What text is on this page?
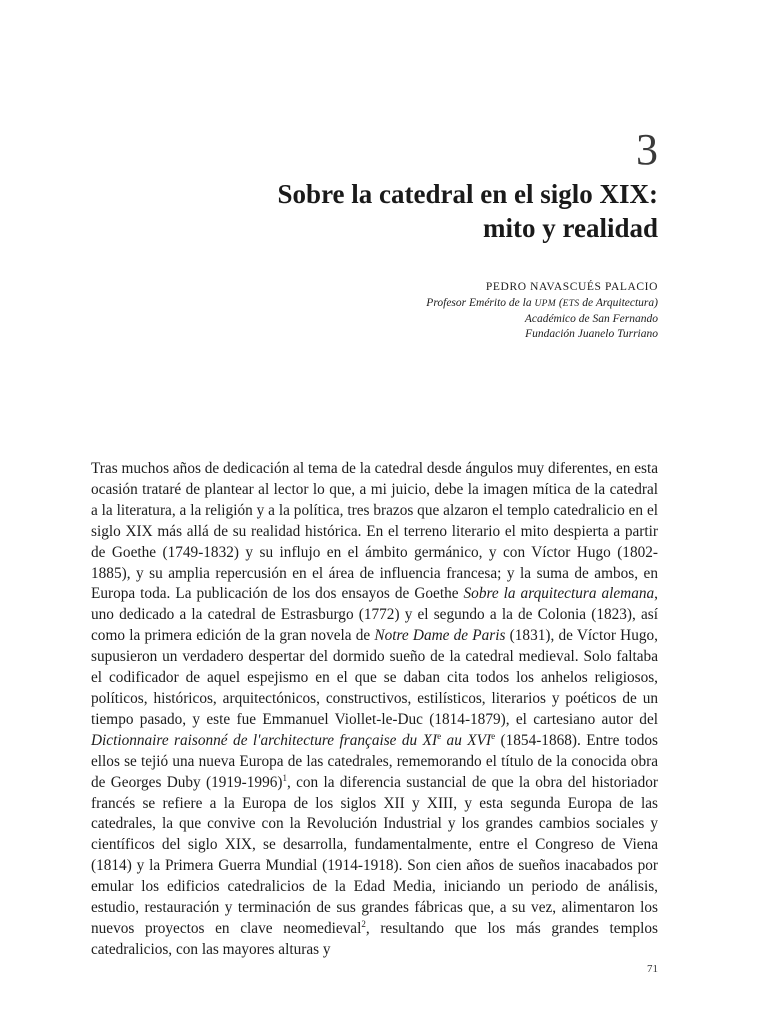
3
Sobre la catedral en el siglo XIX:
mito y realidad
PEDRO NAVASCUÉS PALACIO
Profesor Emérito de la UPM (ETS de Arquitectura)
Académico de San Fernando
Fundación Juanelo Turriano

Tras muchos años de dedicación al tema de la catedral desde ángulos muy diferentes, en esta ocasión trataré de plantear al lector lo que, a mi juicio, debe la imagen mítica de la catedral a la literatura, a la religión y a la política, tres brazos que alzaron el templo catedralicio en el siglo XIX más allá de su realidad histórica. En el terreno literario el mito despierta a partir de Goethe (1749-1832) y su influjo en el ámbito germánico, y con Víctor Hugo (1802-1885), y su amplia repercusión en el área de influencia francesa; y la suma de ambos, en Europa toda. La publicación de los dos ensayos de Goethe Sobre la arquitectura alemana, uno dedicado a la catedral de Estrasburgo (1772) y el segundo a la de Colonia (1823), así como la primera edición de la gran novela de Notre Dame de Paris (1831), de Víctor Hugo, supusieron un verdadero despertar del dormido sueño de la catedral medieval. Solo faltaba el codificador de aquel espejismo en el que se daban cita todos los anhelos religiosos, políticos, históricos, arquitectónicos, constructivos, estilísticos, literarios y poéticos de un tiempo pasado, y este fue Emmanuel Viollet-le-Duc (1814-1879), el cartesiano autor del Dictionnaire raisonné de l'architecture française du XIe au XVIe (1854-1868). Entre todos ellos se tejió una nueva Europa de las catedrales, rememorando el título de la conocida obra de Georges Duby (1919-1996)$^1$, con la diferencia sustancial de que la obra del historiador francés se refiere a la Europa de los siglos XII y XIII, y esta segunda Europa de las catedrales, la que convive con la Revolución Industrial y los grandes cambios sociales y científicos del siglo XIX, se desarrolla, fundamentalmente, entre el Congreso de Viena (1814) y la Primera Guerra Mundial (1914-1918). Son cien años de sueños inacabados por emular los edificios catedralicios de la Edad Media, iniciando un periodo de análisis, estudio, restauración y terminación de sus grandes fábricas que, a su vez, alimentaron los nuevos proyectos en clave neomedieval$^2$, resultando que los más grandes templos catedralicios, con las mayores alturas y

71
